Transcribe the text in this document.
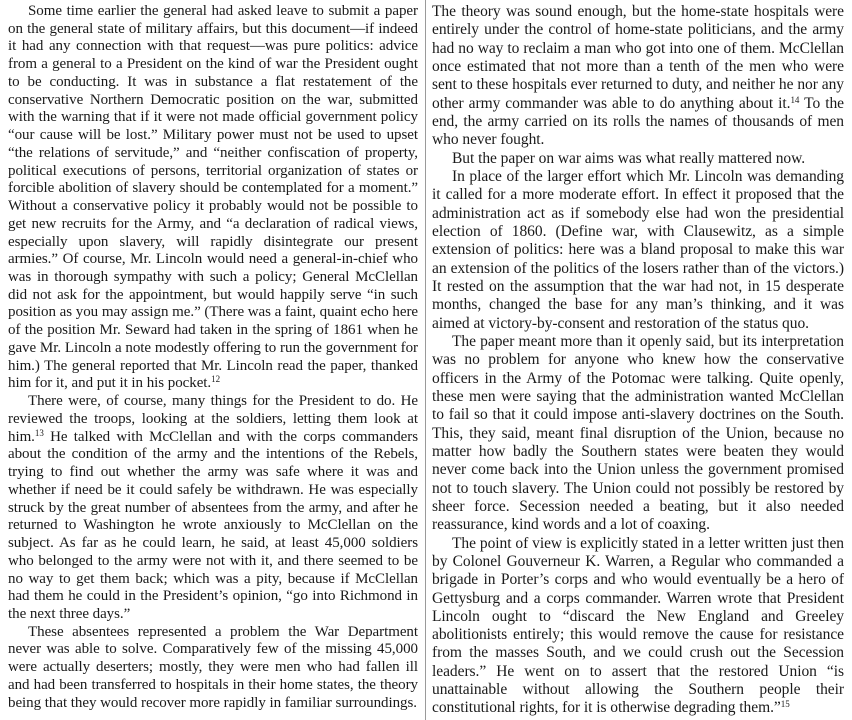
Some time earlier the general had asked leave to submit a paper on the general state of military affairs, but this document—if indeed it had any connection with that request—was pure politics: advice from a general to a President on the kind of war the President ought to be conducting. It was in substance a flat restatement of the conservative Northern Democratic position on the war, submitted with the warning that if it were not made official government policy “our cause will be lost.” Military power must not be used to upset “the relations of servitude,” and “neither confiscation of property, political executions of persons, territorial organization of states or forcible abolition of slavery should be contemplated for a moment.” Without a conservative policy it probably would not be possible to get new recruits for the Army, and “a declaration of radical views, especially upon slavery, will rapidly disintegrate our present armies.” Of course, Mr. Lincoln would need a general-in-chief who was in thorough sympathy with such a policy; General McClellan did not ask for the appointment, but would happily serve “in such position as you may assign me.” (There was a faint, quaint echo here of the position Mr. Seward had taken in the spring of 1861 when he gave Mr. Lincoln a note modestly offering to run the government for him.) The general reported that Mr. Lincoln read the paper, thanked him for it, and put it in his pocket.$^{12}$

There were, of course, many things for the President to do. He reviewed the troops, looking at the soldiers, letting them look at him.$^{13}$ He talked with McClellan and with the corps commanders about the condition of the army and the intentions of the Rebels, trying to find out whether the army was safe where it was and whether if need be it could safely be withdrawn. He was especially struck by the great number of absentees from the army, and after he returned to Washington he wrote anxiously to McClellan on the subject. As far as he could learn, he said, at least 45,000 soldiers who belonged to the army were not with it, and there seemed to be no way to get them back; which was a pity, because if McClellan had them he could in the President’s opinion, “go into Richmond in the next three days.”

These absentees represented a problem the War Department never was able to solve. Comparatively few of the missing 45,000 were actually deserters; mostly, they were men who had fallen ill and had been transferred to hospitals in their home states, the theory being that they would recover more rapidly in familiar surroundings.

The theory was sound enough, but the home-state hospitals were entirely under the control of home-state politicians, and the army had no way to reclaim a man who got into one of them. McClellan once estimated that not more than a tenth of the men who were sent to these hospitals ever returned to duty, and neither he nor any other army commander was able to do anything about it.$^{14}$ To the end, the army carried on its rolls the names of thousands of men who never fought.

But the paper on war aims was what really mattered now.

In place of the larger effort which Mr. Lincoln was demanding it called for a more moderate effort. In effect it proposed that the administration act as if somebody else had won the presidential election of 1860. (Define war, with Clausewitz, as a simple extension of politics: here was a bland proposal to make this war an extension of the politics of the losers rather than of the victors.) It rested on the assumption that the war had not, in 15 desperate months, changed the base for any man’s thinking, and it was aimed at victory-by-consent and restoration of the status quo.

The paper meant more than it openly said, but its interpretation was no problem for anyone who knew how the conservative officers in the Army of the Potomac were talking. Quite openly, these men were saying that the administration wanted McClellan to fail so that it could impose anti-slavery doctrines on the South. This, they said, meant final disruption of the Union, because no matter how badly the Southern states were beaten they would never come back into the Union unless the government promised not to touch slavery. The Union could not possibly be restored by sheer force. Secession needed a beating, but it also needed reassurance, kind words and a lot of coaxing.

The point of view is explicitly stated in a letter written just then by Colonel Gouverneur K. Warren, a Regular who commanded a brigade in Porter’s corps and who would eventually be a hero of Gettysburg and a corps commander. Warren wrote that President Lincoln ought to “discard the New England and Greeley abolitionists entirely; this would remove the cause for resistance from the masses South, and we could crush out the Secession leaders.” He went on to assert that the restored Union “is unattainable without allowing the Southern people their constitutional rights, for it is otherwise degrading them.”$^{15}$
